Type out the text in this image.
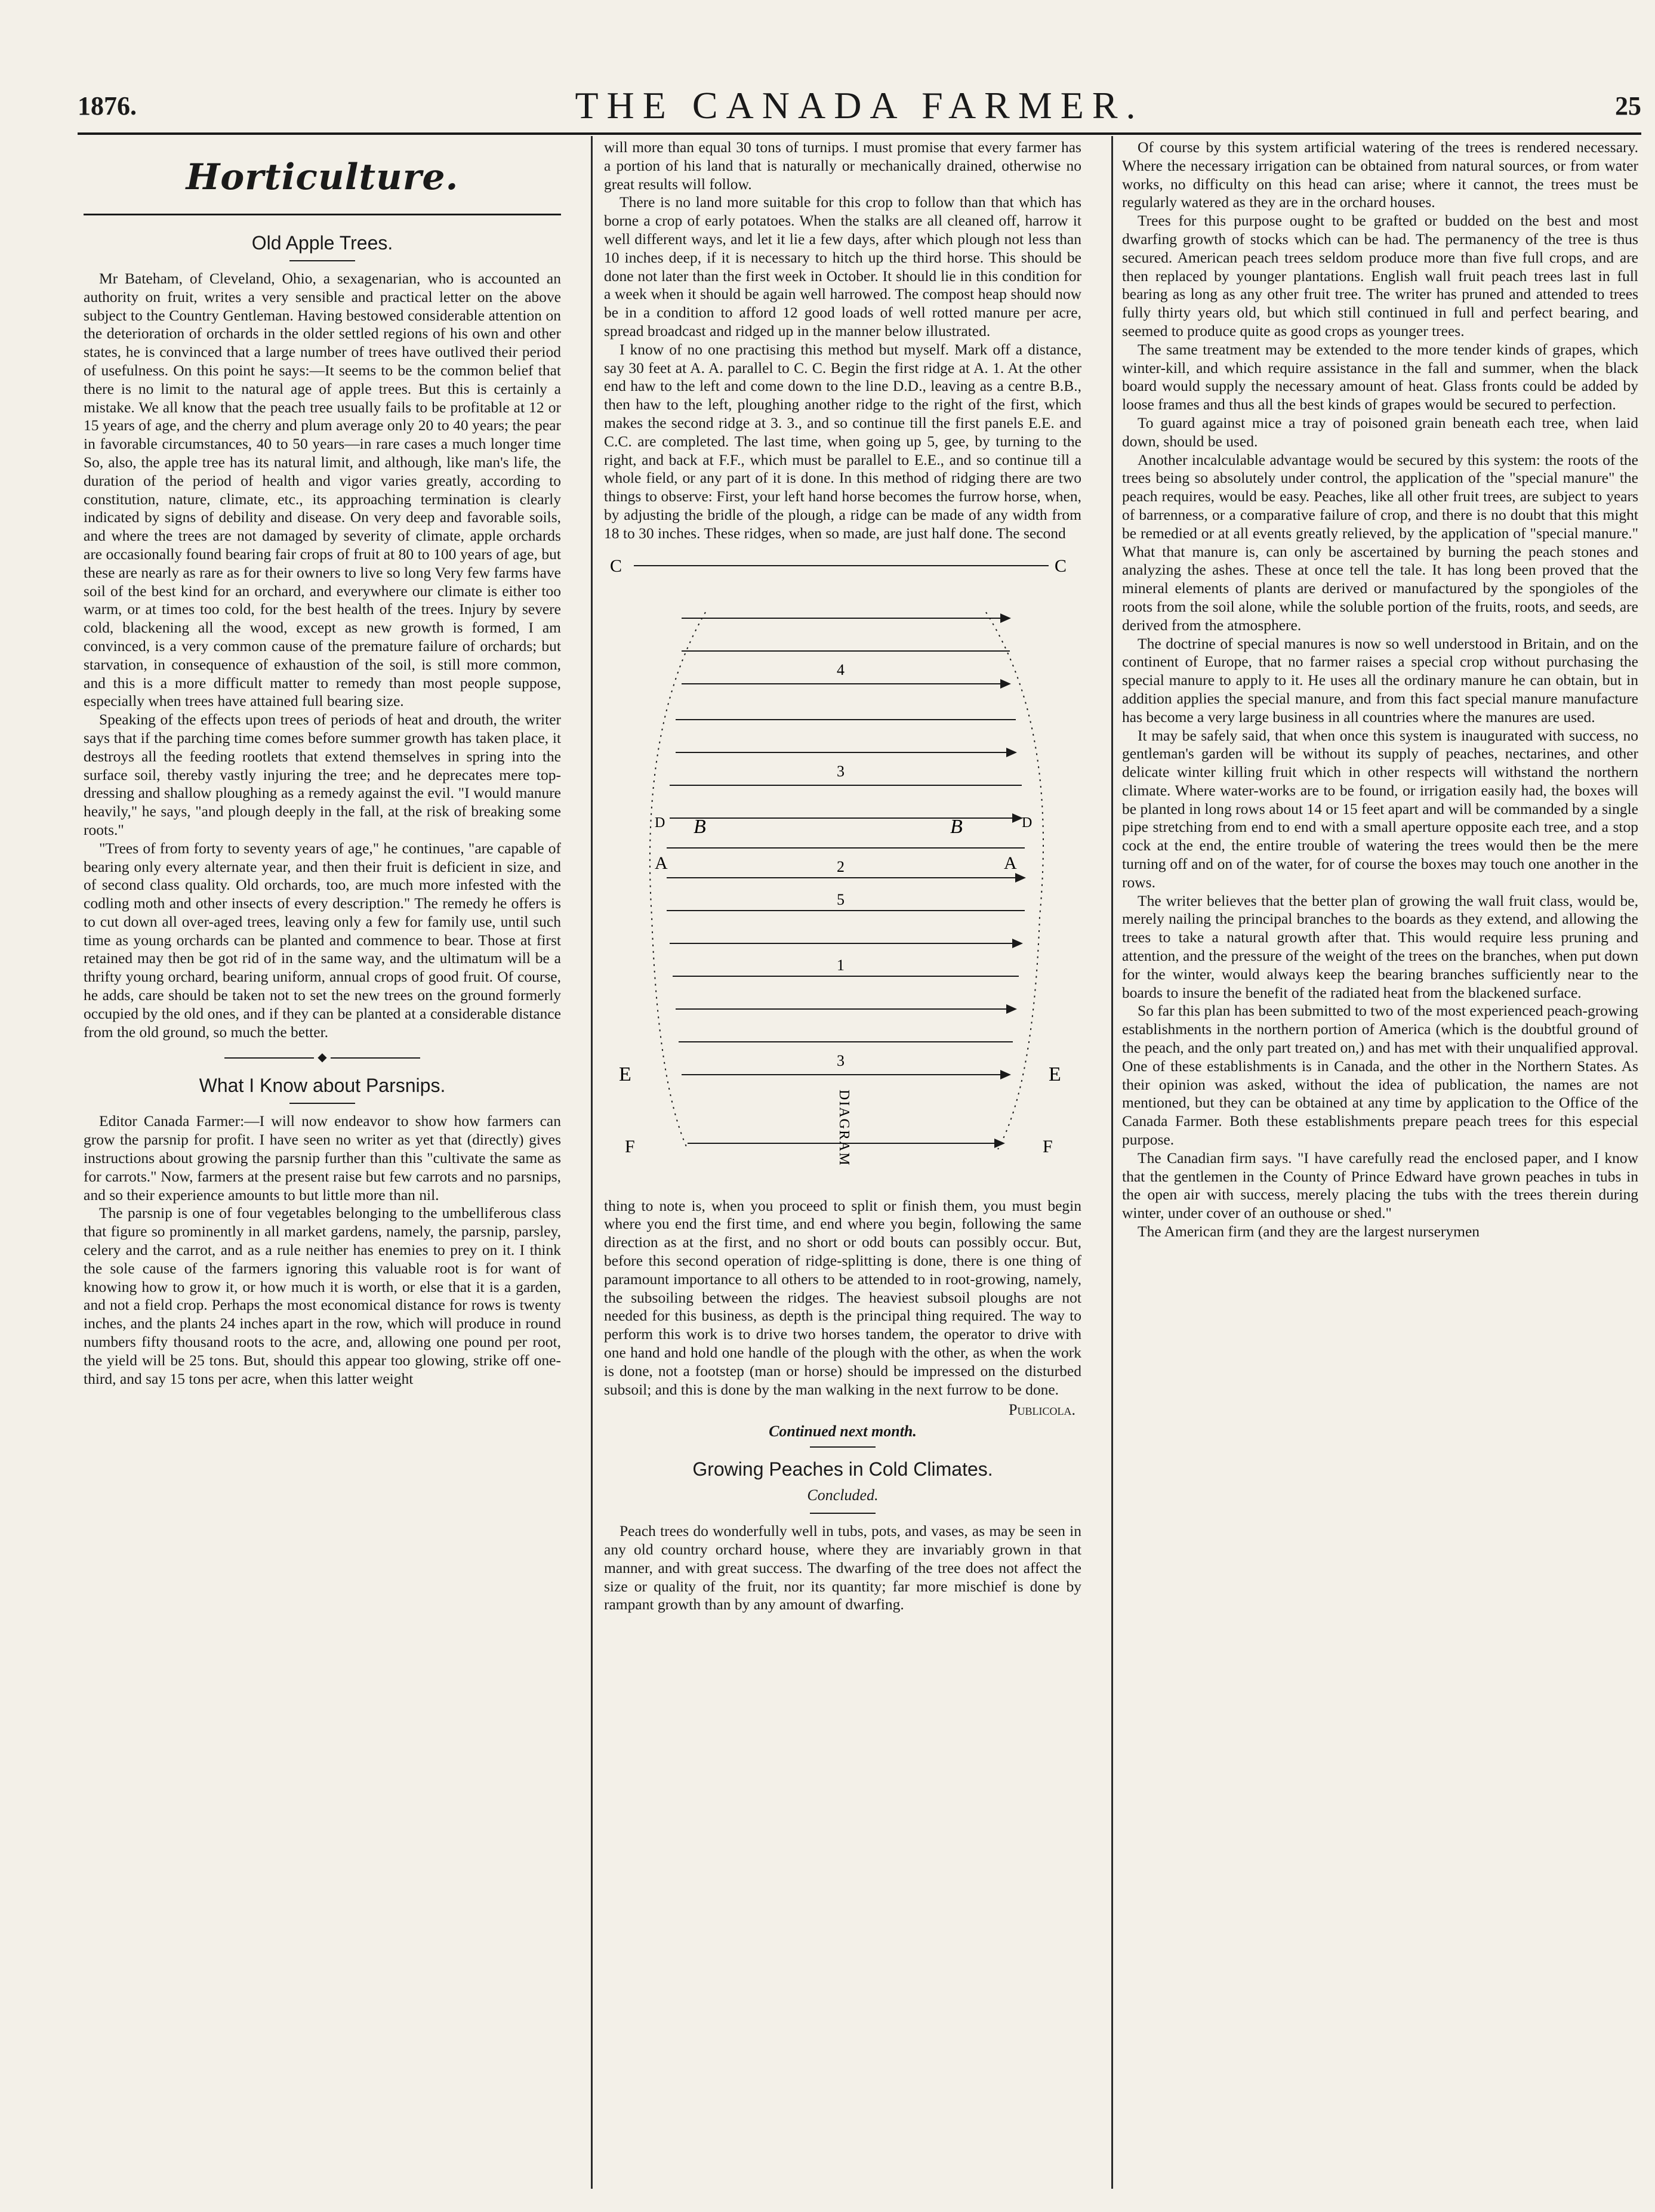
1876.	THE CANADA FARMER.	25
Horticulture.
Old Apple Trees.

Mr Bateham, of Cleveland, Ohio, a sexagenarian, who is accounted an authority on fruit, writes a very sensible and practical letter on the above subject to the Country Gentleman. Having bestowed considerable attention on the deterioration of orchards in the older settled regions of his own and other states, he is convinced that a large number of trees have outlived their period of usefulness. On this point he says:—It seems to be the common belief that there is no limit to the natural age of apple trees. But this is certainly a mistake. We all know that the peach tree usually fails to be profitable at 12 or 15 years of age, and the cherry and plum average only 20 to 40 years; the pear in favorable circumstances, 40 to 50 years—in rare cases a much longer time So, also, the apple tree has its natural limit, and although, like man's life, the duration of the period of health and vigor varies greatly, according to constitution, nature, climate, etc., its approaching termination is clearly indicated by signs of debility and disease. On very deep and favorable soils, and where the trees are not damaged by severity of climate, apple orchards are occasionally found bearing fair crops of fruit at 80 to 100 years of age, but these are nearly as rare as for their owners to live so long Very few farms have soil of the best kind for an orchard, and everywhere our climate is either too warm, or at times too cold, for the best health of the trees. Injury by severe cold, blackening all the wood, except as new growth is formed, I am convinced, is a very common cause of the premature failure of orchards; but starvation, in consequence of exhaustion of the soil, is still more common, and this is a more difficult matter to remedy than most people suppose, especially when trees have attained full bearing size.

Speaking of the effects upon trees of periods of heat and drouth, the writer says that if the parching time comes before summer growth has taken place, it destroys all the feeding rootlets that extend themselves in spring into the surface soil, thereby vastly injuring the tree; and he deprecates mere top-dressing and shallow ploughing as a remedy against the evil. "I would manure heavily," he says, "and plough deeply in the fall, at the risk of breaking some roots."

"Trees of from forty to seventy years of age," he continues, "are capable of bearing only every alternate year, and then their fruit is deficient in size, and of second class quality. Old orchards, too, are much more infested with the codling moth and other insects of every description." The remedy he offers is to cut down all over-aged trees, leaving only a few for family use, until such time as young orchards can be planted and commence to bear. Those at first retained may then be got rid of in the same way, and the ultimatum will be a thrifty young orchard, bearing uniform, annual crops of good fruit. Of course, he adds, care should be taken not to set the new trees on the ground formerly occupied by the old ones, and if they can be planted at a considerable distance from the old ground, so much the better.

◆
What I Know about Parsnips.

Editor Canada Farmer:—I will now endeavor to show how farmers can grow the parsnip for profit. I have seen no writer as yet that (directly) gives instructions about growing the parsnip further than this "cultivate the same as for carrots." Now, farmers at the present raise but few carrots and no parsnips, and so their experience amounts to but little more than nil.

The parsnip is one of four vegetables belonging to the umbelliferous class that figure so prominently in all market gardens, namely, the parsnip, parsley, celery and the carrot, and as a rule neither has enemies to prey on it. I think the sole cause of the farmers ignoring this valuable root is for want of knowing how to grow it, or how much it is worth, or else that it is a garden, and not a field crop. Perhaps the most economical distance for rows is twenty inches, and the plants 24 inches apart in the row, which will produce in round numbers fifty thousand roots to the acre, and, allowing one pound per root, the yield will be 25 tons. But, should this appear too glowing, strike off one-third, and say 15 tons per acre, when this latter weight

will more than equal 30 tons of turnips. I must promise that every farmer has a portion of his land that is naturally or mechanically drained, otherwise no great results will follow.

There is no land more suitable for this crop to follow than that which has borne a crop of early potatoes. When the stalks are all cleaned off, harrow it well different ways, and let it lie a few days, after which plough not less than 10 inches deep, if it is necessary to hitch up the third horse. This should be done not later than the first week in October. It should lie in this condition for a week when it should be again well harrowed. The compost heap should now be in a condition to afford 12 good loads of well rotted manure per acre, spread broadcast and ridged up in the manner below illustrated.

I know of no one practising this method but myself. Mark off a distance, say 30 feet at A. A. parallel to C. C. Begin the first ridge at A. 1. At the other end haw to the left and come down to the line D.D., leaving as a centre B.B., then haw to the left, ploughing another ridge to the right of the first, which makes the second ridge at 3. 3., and so continue till the first panels E.E. and C.C. are completed. The last time, when going up 5, gee, by turning to the right, and back at F.F., which must be parallel to E.E., and so continue till a whole field, or any part of it is done. In this method of ridging there are two things to observe: First, your left hand horse becomes the furrow horse, when, by adjusting the bridle of the plough, a ridge can be made of any width from 18 to 30 inches. These ridges, when so made, are just half done. The second

C	C
4
3
2
5
1
3
B	B
A
A
D	D
E	E
F	F
DIAGRAM

thing to note is, when you proceed to split or finish them, you must begin where you end the first time, and end where you begin, following the same direction as at the first, and no short or odd bouts can possibly occur. But, before this second operation of ridge-splitting is done, there is one thing of paramount importance to all others to be attended to in root-growing, namely, the subsoiling between the ridges. The heaviest subsoil ploughs are not needed for this business, as depth is the principal thing required. The way to perform this work is to drive two horses tandem, the operator to drive with one hand and hold one handle of the plough with the other, as when the work is done, not a footstep (man or horse) should be impressed on the disturbed subsoil; and this is done by the man walking in the next furrow to be done.

Publicola.
Continued next month.
Growing Peaches in Cold Climates.
Concluded.

Peach trees do wonderfully well in tubs, pots, and vases, as may be seen in any old country orchard house, where they are invariably grown in that manner, and with great success. The dwarfing of the tree does not affect the size or quality of the fruit, nor its quantity; far more mischief is done by rampant growth than by any amount of dwarfing.

Of course by this system artificial watering of the trees is rendered necessary. Where the necessary irrigation can be obtained from natural sources, or from water works, no difficulty on this head can arise; where it cannot, the trees must be regularly watered as they are in the orchard houses.

Trees for this purpose ought to be grafted or budded on the best and most dwarfing growth of stocks which can be had. The permanency of the tree is thus secured. American peach trees seldom produce more than five full crops, and are then replaced by younger plantations. English wall fruit peach trees last in full bearing as long as any other fruit tree. The writer has pruned and attended to trees fully thirty years old, but which still continued in full and perfect bearing, and seemed to produce quite as good crops as younger trees.

The same treatment may be extended to the more tender kinds of grapes, which winter-kill, and which require assistance in the fall and summer, when the black board would supply the necessary amount of heat. Glass fronts could be added by loose frames and thus all the best kinds of grapes would be secured to perfection.

To guard against mice a tray of poisoned grain beneath each tree, when laid down, should be used.

Another incalculable advantage would be secured by this system: the roots of the trees being so absolutely under control, the application of the "special manure" the peach requires, would be easy. Peaches, like all other fruit trees, are subject to years of barrenness, or a comparative failure of crop, and there is no doubt that this might be remedied or at all events greatly relieved, by the application of "special manure." What that manure is, can only be ascertained by burning the peach stones and analyzing the ashes. These at once tell the tale. It has long been proved that the mineral elements of plants are derived or manufactured by the spongioles of the roots from the soil alone, while the soluble portion of the fruits, roots, and seeds, are derived from the atmosphere.

The doctrine of special manures is now so well understood in Britain, and on the continent of Europe, that no farmer raises a special crop without purchasing the special manure to apply to it. He uses all the ordinary manure he can obtain, but in addition applies the special manure, and from this fact special manure manufacture has become a very large business in all countries where the manures are used.

It may be safely said, that when once this system is inaugurated with success, no gentleman's garden will be without its supply of peaches, nectarines, and other delicate winter killing fruit which in other respects will withstand the northern climate. Where water-works are to be found, or irrigation easily had, the boxes will be planted in long rows about 14 or 15 feet apart and will be commanded by a single pipe stretching from end to end with a small aperture opposite each tree, and a stop cock at the end, the entire trouble of watering the trees would then be the mere turning off and on of the water, for of course the boxes may touch one another in the rows.

The writer believes that the better plan of growing the wall fruit class, would be, merely nailing the principal branches to the boards as they extend, and allowing the trees to take a natural growth after that. This would require less pruning and attention, and the pressure of the weight of the trees on the branches, when put down for the winter, would always keep the bearing branches sufficiently near to the boards to insure the benefit of the radiated heat from the blackened surface.

So far this plan has been submitted to two of the most experienced peach-growing establishments in the northern portion of America (which is the doubtful ground of the peach, and the only part treated on,) and has met with their unqualified approval. One of these establishments is in Canada, and the other in the Northern States. As their opinion was asked, without the idea of publication, the names are not mentioned, but they can be obtained at any time by application to the Office of the Canada Farmer. Both these establishments prepare peach trees for this especial purpose.

The Canadian firm says. "I have carefully read the enclosed paper, and I know that the gentlemen in the County of Prince Edward have grown peaches in tubs in the open air with success, merely placing the tubs with the trees therein during winter, under cover of an outhouse or shed."

The American firm (and they are the largest nurserymen
